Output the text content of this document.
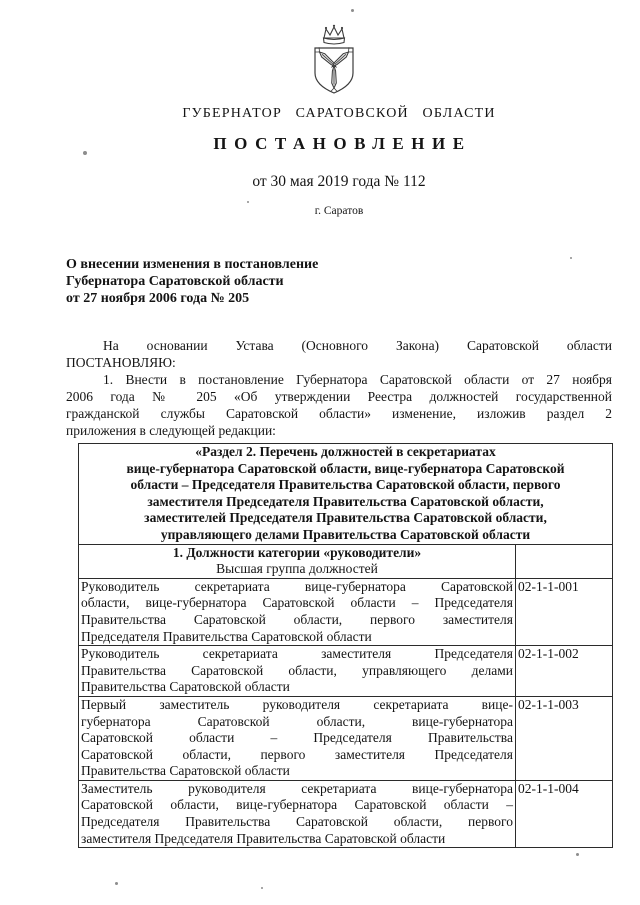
ГУБЕРНАТОР САРАТОВСКОЙ ОБЛАСТИ
ПОСТАНОВЛЕНИЕ
от 30 мая 2019 года № 112
г. Саратов
О внесении изменения в постановление
Губернатора Саратовской области
от 27 ноября 2006 года № 205
На основании Устава (Основного Закона) Саратовской области
ПОСТАНОВЛЯЮ:
1. Внести в постановление Губернатора Саратовской области от 27 ноября
2006 года № 205 «Об утверждении Реестра должностей государственной
гражданской службы Саратовской области» изменение, изложив раздел 2
приложения в следующей редакции:
«Раздел 2. Перечень должностей в секретариатах
вице-губернатора Саратовской области, вице-губернатора Саратовской
области – Председателя Правительства Саратовской области, первого
заместителя Председателя Правительства Саратовской области,
заместителей Председателя Правительства Саратовской области,
управляющего делами Правительства Саратовской области

1. Должности категории «руководители»
Высшая группа должностей	

Руководитель секретариата вице-губернатора Саратовской
области, вице-губернатора Саратовской области – Председателя
Правительства Саратовской области, первого заместителя
Председателя Правительства Саратовской области	02-1-1-001

Руководитель секретариата заместителя Председателя
Правительства Саратовской области, управляющего делами
Правительства Саратовской области	02-1-1-002

Первый заместитель руководителя секретариата вице-
губернатора Саратовской области, вице-губернатора
Саратовской области – Председателя Правительства
Саратовской области, первого заместителя Председателя
Правительства Саратовской области	02-1-1-003

Заместитель руководителя секретариата вице-губернатора
Саратовской области, вице-губернатора Саратовской области –
Председателя Правительства Саратовской области, первого
заместителя Председателя Правительства Саратовской области	02-1-1-004
